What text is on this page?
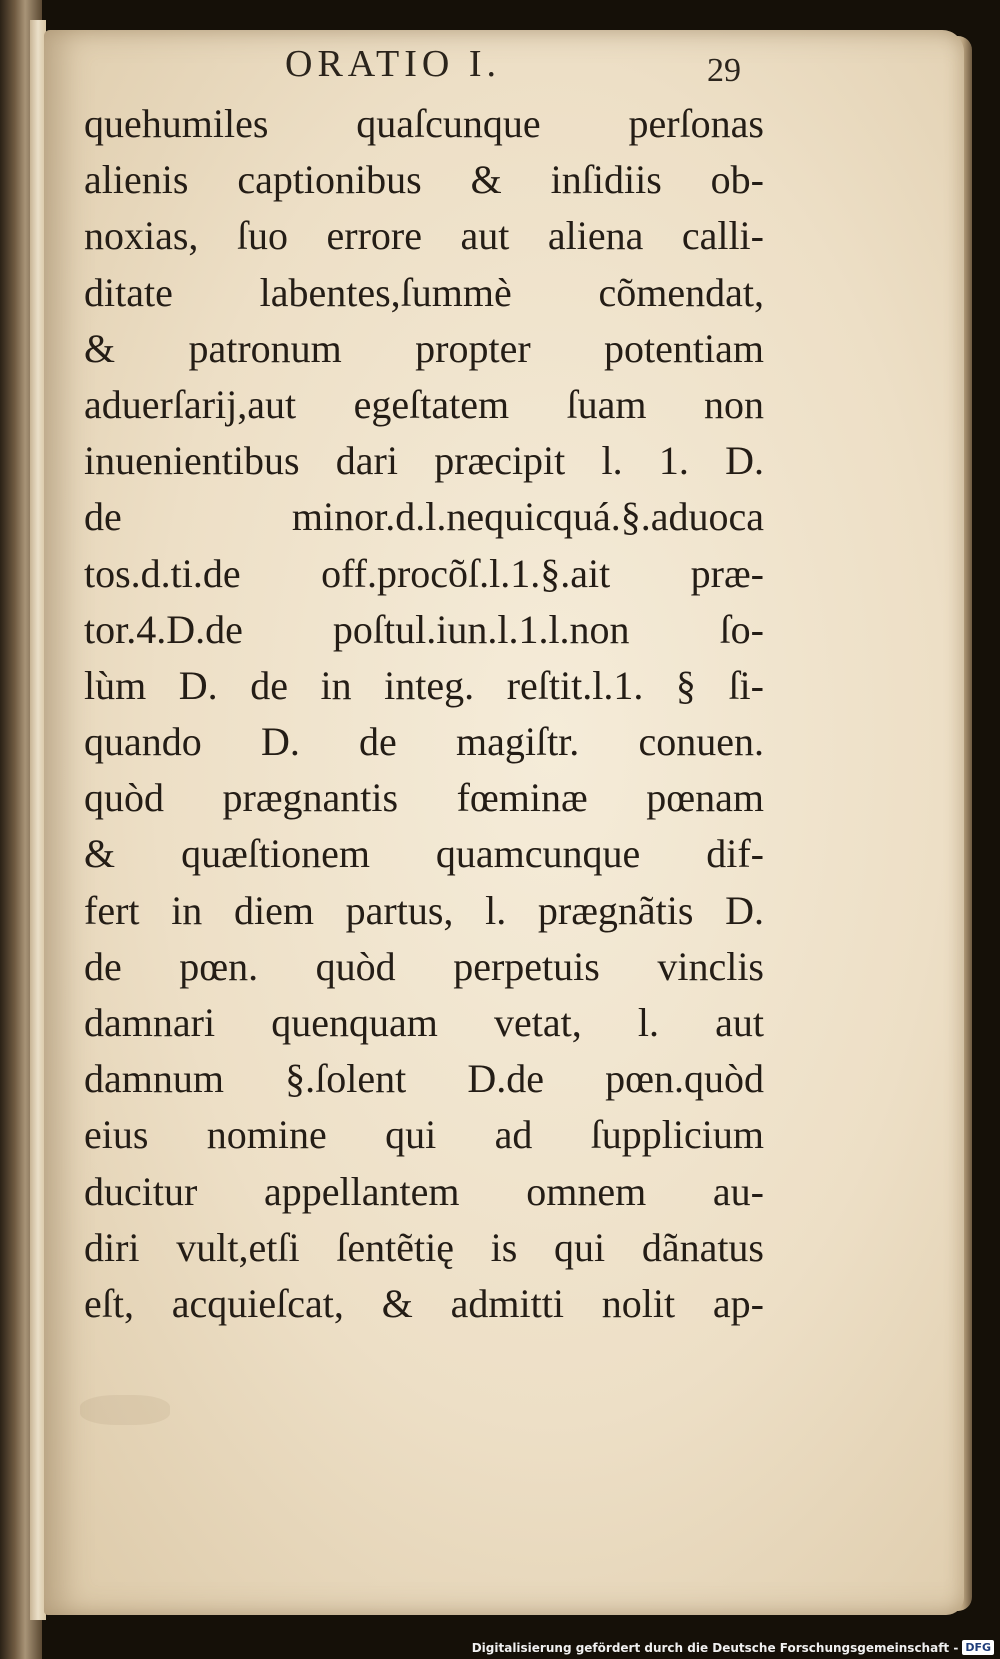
ORATIO I.	29
quehumiles quaſcunque perſonas
alienis captionibus & inſidiis ob-
noxias, ſuo errore aut aliena calli-
ditate labentes,ſummè cõmendat,
& patronum propter potentiam
aduerſarij,aut egeſtatem ſuam non
inuenientibus dari præcipit l. 1. D.
de minor.d.l.nequicquá.§.aduoca
tos.d.ti.de off.procõſ.l.1.§.ait præ-
tor.4.D.de poſtul.iun.l.1.l.non ſo-
lùm D. de in integ. reſtit.l.1. § ſi-
quando D. de magiſtr. conuen.
quòd prægnantis fœminæ pœnam
& quæſtionem quamcunque dif-
fert in diem partus, l. prægnãtis D.
de pœn. quòd perpetuis vinclis
damnari quenquam vetat, l. aut
damnum §.ſolent D.de pœn.quòd
eius nomine qui ad ſupplicium
ducitur appellantem omnem au-
diri vult,etſi ſentẽtię is qui dãnatus
eſt, acquieſcat, & admitti nolit ap-
Digitalisierung gefördert durch die Deutsche Forschungsgemeinschaft - DFG
